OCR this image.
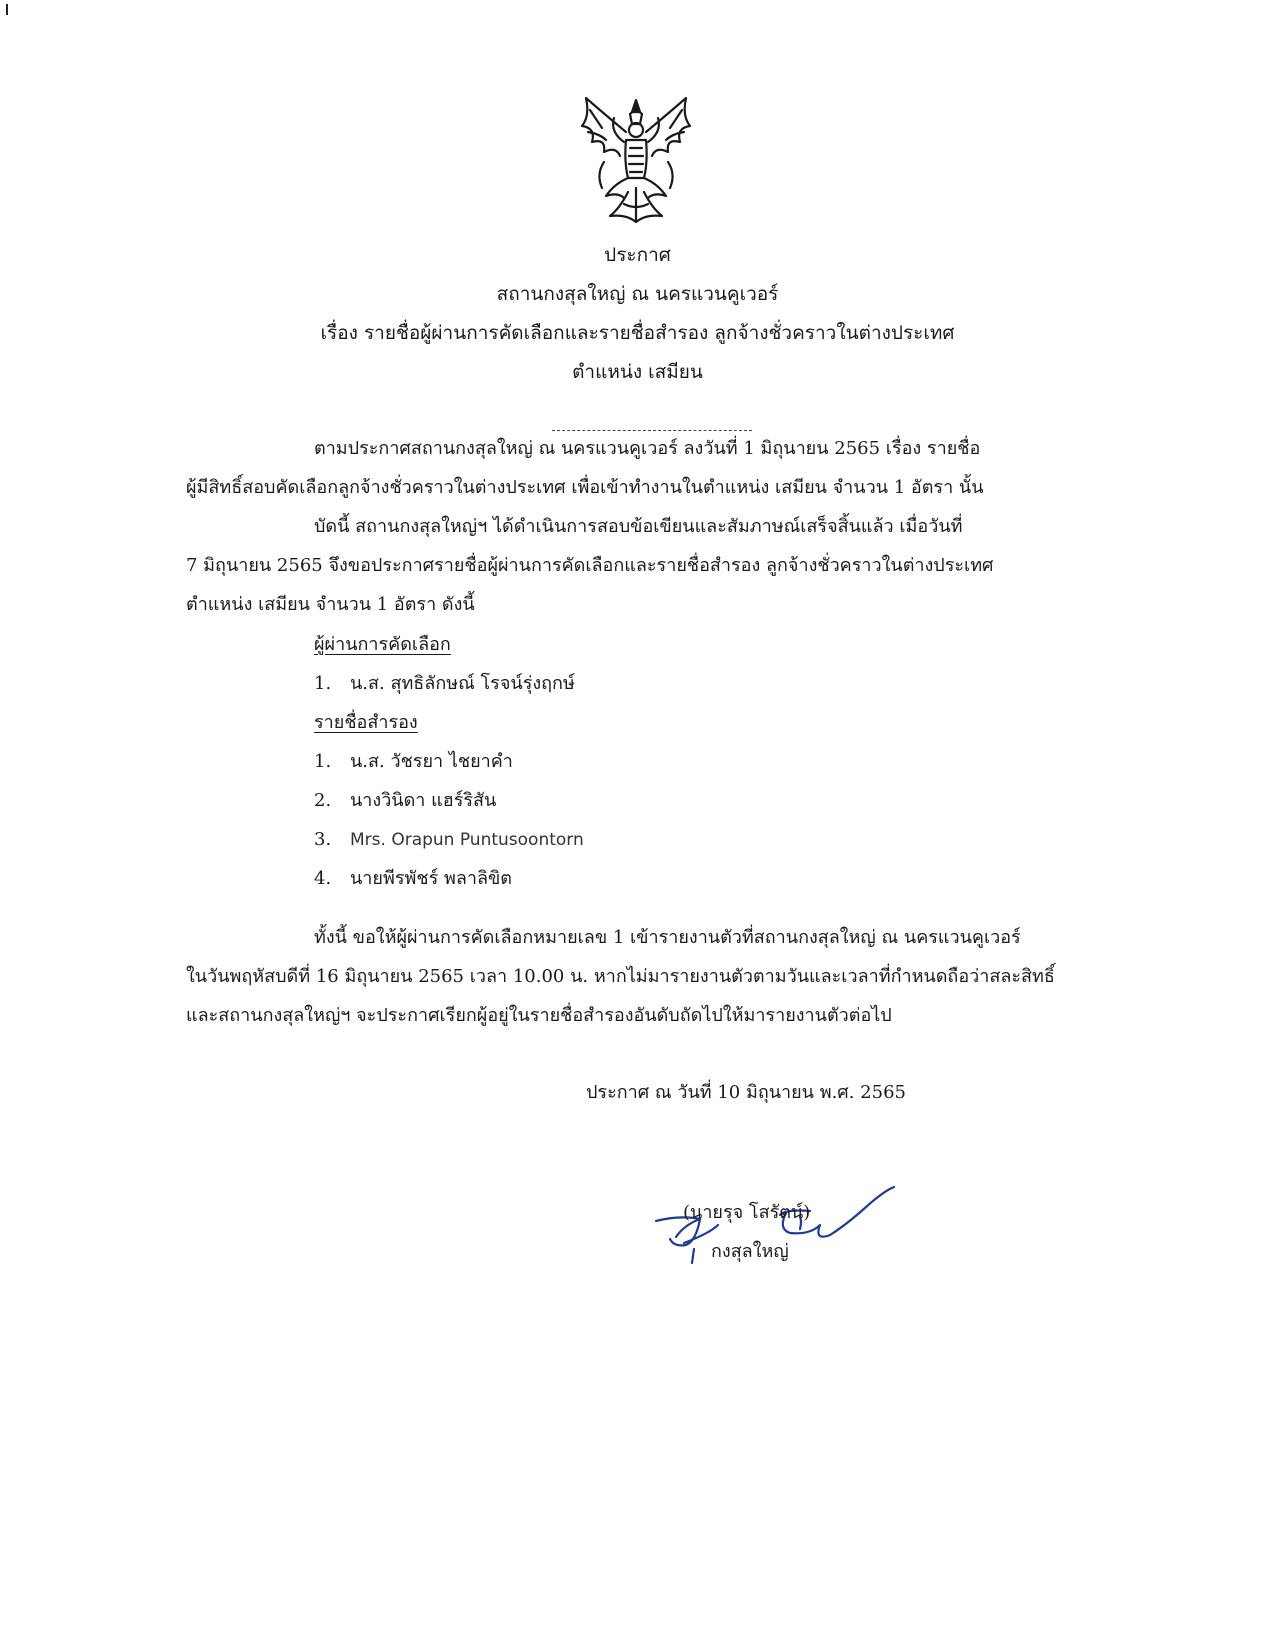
ประกาศ
สถานกงสุลใหญ่ ณ นครแวนคูเวอร์
เรื่อง รายชื่อผู้ผ่านการคัดเลือกและรายชื่อสำรอง ลูกจ้างชั่วคราวในต่างประเทศ
ตำแหน่ง เสมียน
ตามประกาศสถานกงสุลใหญ่ ณ นครแวนคูเวอร์ ลงวันที่ 1 มิถุนายน 2565 เรื่อง รายชื่อ
ผู้มีสิทธิ์สอบคัดเลือกลูกจ้างชั่วคราวในต่างประเทศ เพื่อเข้าทำงานในตำแหน่ง เสมียน จำนวน 1 อัตรา นั้น
บัดนี้ สถานกงสุลใหญ่ฯ ได้ดำเนินการสอบข้อเขียนและสัมภาษณ์เสร็จสิ้นแล้ว เมื่อวันที่
7 มิถุนายน 2565 จึงขอประกาศรายชื่อผู้ผ่านการคัดเลือกและรายชื่อสำรอง ลูกจ้างชั่วคราวในต่างประเทศ
ตำแหน่ง เสมียน จำนวน 1 อัตรา ดังนี้
ผู้ผ่านการคัดเลือก
1. น.ส. สุทธิลักษณ์ โรจน์รุ่งฤกษ์
รายชื่อสำรอง
1. น.ส. วัชรยา ไชยาคำ
2. นางวินิดา แฮร์ริสัน
3. Mrs. Orapun Puntusoontorn
4. นายพีรพัชร์ พลาลิขิต
ทั้งนี้ ขอให้ผู้ผ่านการคัดเลือกหมายเลข 1 เข้ารายงานตัวที่สถานกงสุลใหญ่ ณ นครแวนคูเวอร์
ในวันพฤหัสบดีที่ 16 มิถุนายน 2565 เวลา 10.00 น. หากไม่มารายงานตัวตามวันและเวลาที่กำหนดถือว่าสละสิทธิ์
และสถานกงสุลใหญ่ฯ จะประกาศเรียกผู้อยู่ในรายชื่อสำรองอันดับถัดไปให้มารายงานตัวต่อไป
ประกาศ ณ วันที่ 10 มิถุนายน พ.ศ. 2565
(นายรุจ โสรัตน์)
กงสุลใหญ่
